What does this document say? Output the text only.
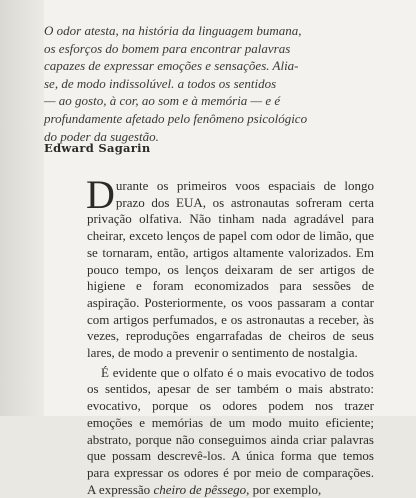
O odor atesta, na história da linguagem bumana,
os esforços do bomem para encontrar palavras
capazes de expressar emoções e sensações. Alia-
se, de modo indissolúvel. a todos os sentidos
— ao gosto, à cor, ao som e à memória — e é
profundamente afetado pelo fenômeno psicológico
do poder da sugestão.
Edward Sagarin

Durante os primeiros voos espaciais de longo prazo dos EUA, os astronautas sofreram certa privação olfativa. Não tinham nada agradável para cheirar, exceto lenços de papel com odor de limão, que se tornaram, então, artigos altamente valorizados. Em pouco tempo, os lenços deixaram de ser artigos de higiene e foram economizados para sessões de aspiração. Posteriormente, os voos passaram a contar com artigos perfumados, e os astronautas a receber, às vezes, reproduções engarrafadas de cheiros de seus lares, de modo a prevenir o sentimento de nostalgia.

É evidente que o olfato é o mais evocativo de todos os sentidos, apesar de ser também o mais abstrato: evocativo, porque os odores podem nos trazer emoções e memórias de um modo muito eficiente; abstrato, porque não conseguimos ainda criar palavras que possam descrevê-los. A única forma que temos para expressar os odores é por meio de comparações. A expressão cheiro de pêssego, por exemplo,
